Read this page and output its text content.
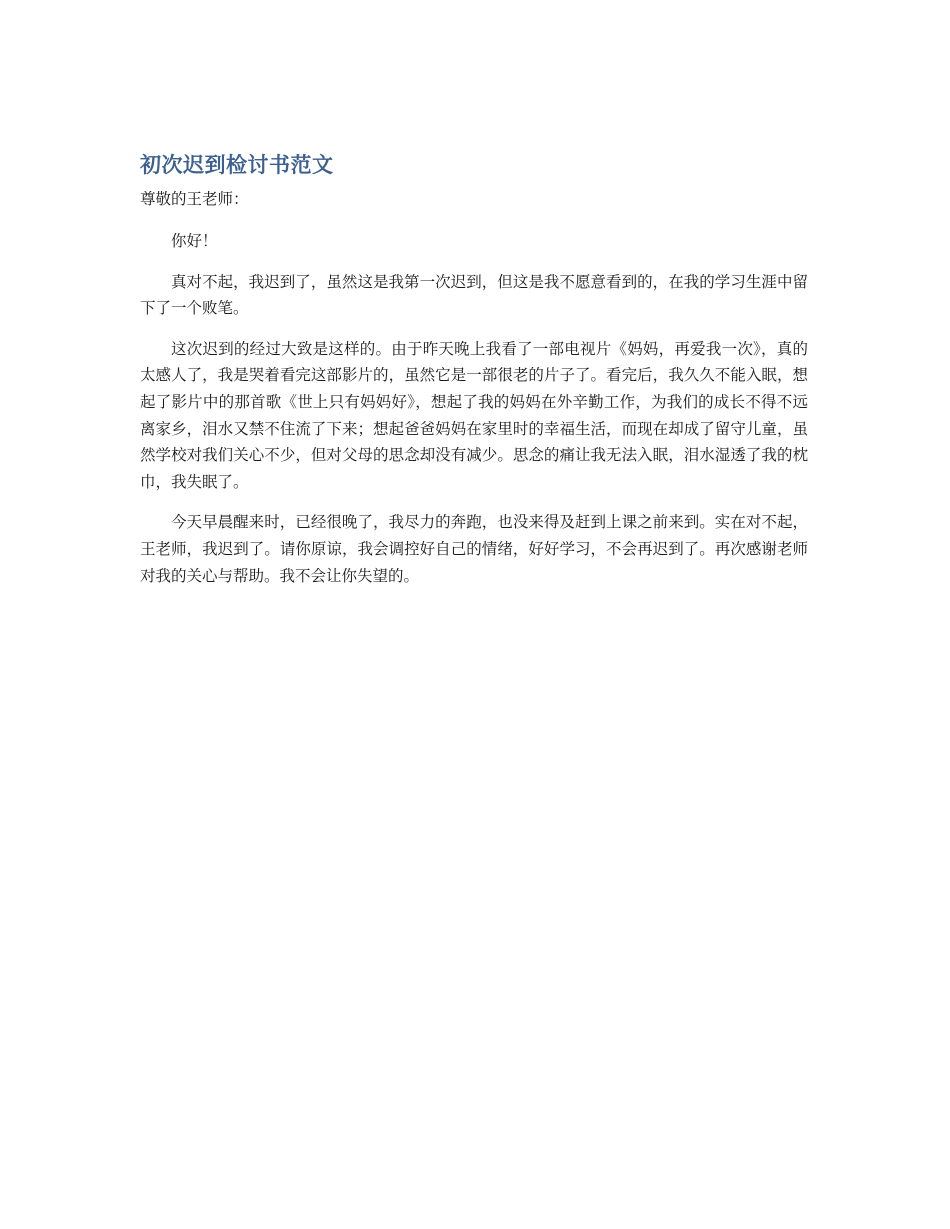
初次迟到检讨书范文

尊敬的王老师：

你好！

真对不起，我迟到了，虽然这是我第一次迟到，但这是我不愿意看到的，在我的学习生涯中留下了一个败笔。

这次迟到的经过大致是这样的。由于昨天晚上我看了一部电视片《妈妈，再爱我一次》，真的太感人了，我是哭着看完这部影片的，虽然它是一部很老的片子了。看完后，我久久不能入眠，想起了影片中的那首歌《世上只有妈妈好》，想起了我的妈妈在外辛勤工作，为我们的成长不得不远离家乡，泪水又禁不住流了下来；想起爸爸妈妈在家里时的幸福生活，而现在却成了留守儿童，虽然学校对我们关心不少，但对父母的思念却没有减少。思念的痛让我无法入眠，泪水湿透了我的枕巾，我失眠了。

今天早晨醒来时，已经很晚了，我尽力的奔跑，也没来得及赶到上课之前来到。实在对不起，王老师，我迟到了。请你原谅，我会调控好自己的情绪，好好学习，不会再迟到了。再次感谢老师对我的关心与帮助。我不会让你失望的。
